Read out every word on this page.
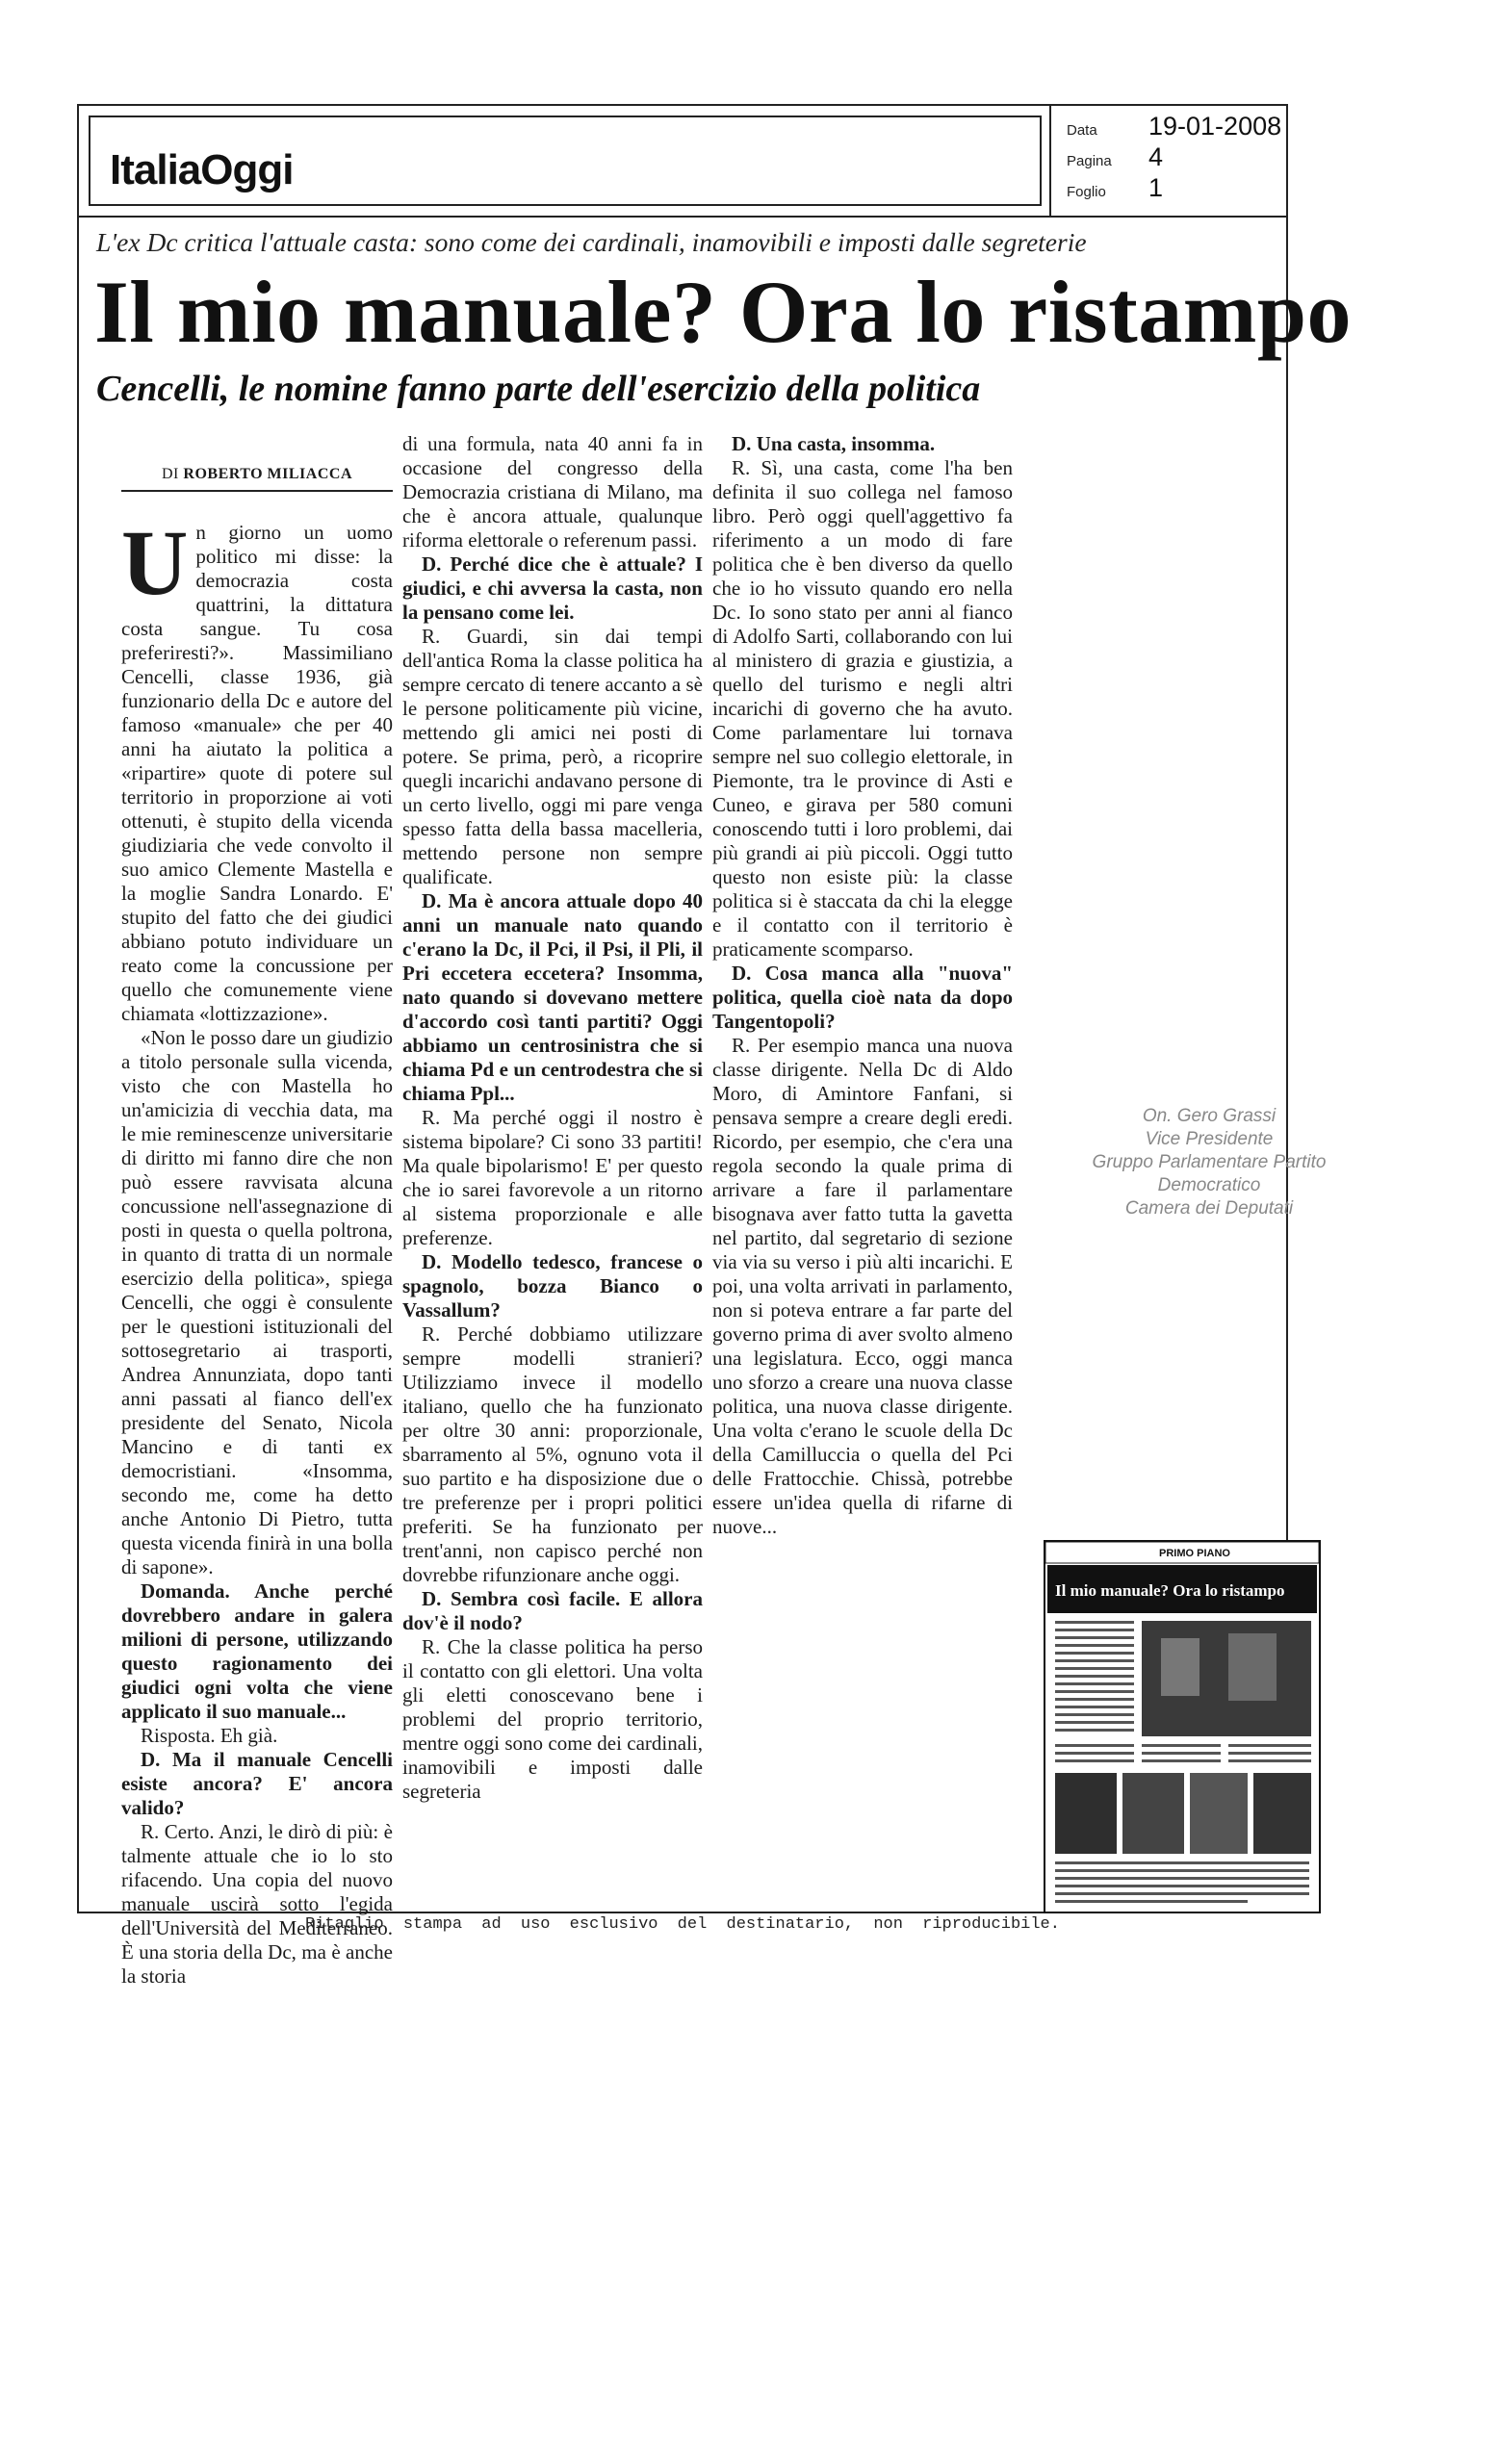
ItaliaOggi
Data	19-01-2008
Pagina	4
Foglio	1
L'ex Dc critica l'attuale casta: sono come dei cardinali, inamovibili e imposti dalle segreterie
Il mio manuale? Ora lo ristampo
Cencelli, le nomine fanno parte dell'esercizio della politica
DI ROBERTO MILIACCA

Un giorno un uomo politico mi disse: la democrazia costa quattrini, la dittatura costa sangue. Tu cosa preferiresti?». Massimiliano Cencelli, classe 1936, già funzionario della Dc e autore del famoso «manuale» che per 40 anni ha aiutato la politica a «ripartire» quote di potere sul territorio in proporzione ai voti ottenuti, è stupito della vicenda giudiziaria che vede convolto il suo amico Clemente Mastella e la moglie Sandra Lonardo. E' stupito del fatto che dei giudici abbiano potuto individuare un reato come la concussione per quello che comunemente viene chiamata «lottizzazione».

«Non le posso dare un giudizio a titolo personale sulla vicenda, visto che con Mastella ho un'amicizia di vecchia data, ma le mie reminescenze universitarie di diritto mi fanno dire che non può essere ravvisata alcuna concussione nell'assegnazione di posti in questa o quella poltrona, in quanto di tratta di un normale esercizio della politica», spiega Cencelli, che oggi è consulente per le questioni istituzionali del sottosegretario ai trasporti, Andrea Annunziata, dopo tanti anni passati al fianco dell'ex presidente del Senato, Nicola Mancino e di tanti ex democristiani. «Insomma, secondo me, come ha detto anche Antonio Di Pietro, tutta questa vicenda finirà in una bolla di sapone».

Domanda. Anche perché dovrebbero andare in galera milioni di persone, utilizzando questo ragionamento dei giudici ogni volta che viene applicato il suo manuale...

Risposta. Eh già.

D. Ma il manuale Cencelli esiste ancora? E' ancora valido?

R. Certo. Anzi, le dirò di più: è talmente attuale che io lo sto rifacendo. Una copia del nuovo manuale uscirà sotto l'egida dell'Università del Mediterraneo. È una storia della Dc, ma è anche la storia

di una formula, nata 40 anni fa in occasione del congresso della Democrazia cristiana di Milano, ma che è ancora attuale, qualunque riforma elettorale o referenum passi.

D. Perché dice che è attuale? I giudici, e chi avversa la casta, non la pensano come lei.

R. Guardi, sin dai tempi dell'antica Roma la classe politica ha sempre cercato di tenere accanto a sè le persone politicamente più vicine, mettendo gli amici nei posti di potere. Se prima, però, a ricoprire quegli incarichi andavano persone di un certo livello, oggi mi pare venga spesso fatta della bassa macelleria, mettendo persone non sempre qualificate.

D. Ma è ancora attuale dopo 40 anni un manuale nato quando c'erano la Dc, il Pci, il Psi, il Pli, il Pri eccetera eccetera? Insomma, nato quando si dovevano mettere d'accordo così tanti partiti? Oggi abbiamo un centrosinistra che si chiama Pd e un centrodestra che si chiama Ppl...

R. Ma perché oggi il nostro è sistema bipolare? Ci sono 33 partiti! Ma quale bipolarismo! E' per questo che io sarei favorevole a un ritorno al sistema proporzionale e alle preferenze.

D. Modello tedesco, francese o spagnolo, bozza Bianco o Vassallum?

R. Perché dobbiamo utilizzare sempre modelli stranieri? Utilizziamo invece il modello italiano, quello che ha funzionato per oltre 30 anni: proporzionale, sbarramento al 5%, ognuno vota il suo partito e ha disposizione due o tre preferenze per i propri politici preferiti. Se ha funzionato per trent'anni, non capisco perché non dovrebbe rifunzionare anche oggi.

D. Sembra così facile. E allora dov'è il nodo?

R. Che la classe politica ha perso il contatto con gli elettori. Una volta gli eletti conoscevano bene i problemi del proprio territorio, mentre oggi sono come dei cardinali, inamovibili e imposti dalle segreteria

D. Una casta, insomma.

R. Sì, una casta, come l'ha ben definita il suo collega nel famoso libro. Però oggi quell'aggettivo fa riferimento a un modo di fare politica che è ben diverso da quello che io ho vissuto quando ero nella Dc. Io sono stato per anni al fianco di Adolfo Sarti, collaborando con lui al ministero di grazia e giustizia, a quello del turismo e negli altri incarichi di governo che ha avuto. Come parlamentare lui tornava sempre nel suo collegio elettorale, in Piemonte, tra le province di Asti e Cuneo, e girava per 580 comuni conoscendo tutti i loro problemi, dai più grandi ai più piccoli. Oggi tutto questo non esiste più: la classe politica si è staccata da chi la elegge e il contatto con il territorio è praticamente scomparso.

D. Cosa manca alla "nuova" politica, quella cioè nata da dopo Tangentopoli?

R. Per esempio manca una nuova classe dirigente. Nella Dc di Aldo Moro, di Amintore Fanfani, si pensava sempre a creare degli eredi. Ricordo, per esempio, che c'era una regola secondo la quale prima di arrivare a fare il parlamentare bisognava aver fatto tutta la gavetta nel partito, dal segretario di sezione via via su verso i più alti incarichi. E poi, una volta arrivati in parlamento, non si poteva entrare a far parte del governo prima di aver svolto almeno una legislatura. Ecco, oggi manca uno sforzo a creare una nuova classe politica, una nuova classe dirigente. Una volta c'erano le scuole della Dc della Camilluccia o quella del Pci delle Frattocchie. Chissà, potrebbe essere un'idea quella di rifarne di nuove...

On. Gero Grassi
Vice Presidente
Gruppo Parlamentare Partito Democratico
Camera dei Deputati
PRIMO PIANO
Il mio manuale? Ora lo ristampo
Ritaglio stampa ad uso esclusivo del destinatario, non riproducibile.
